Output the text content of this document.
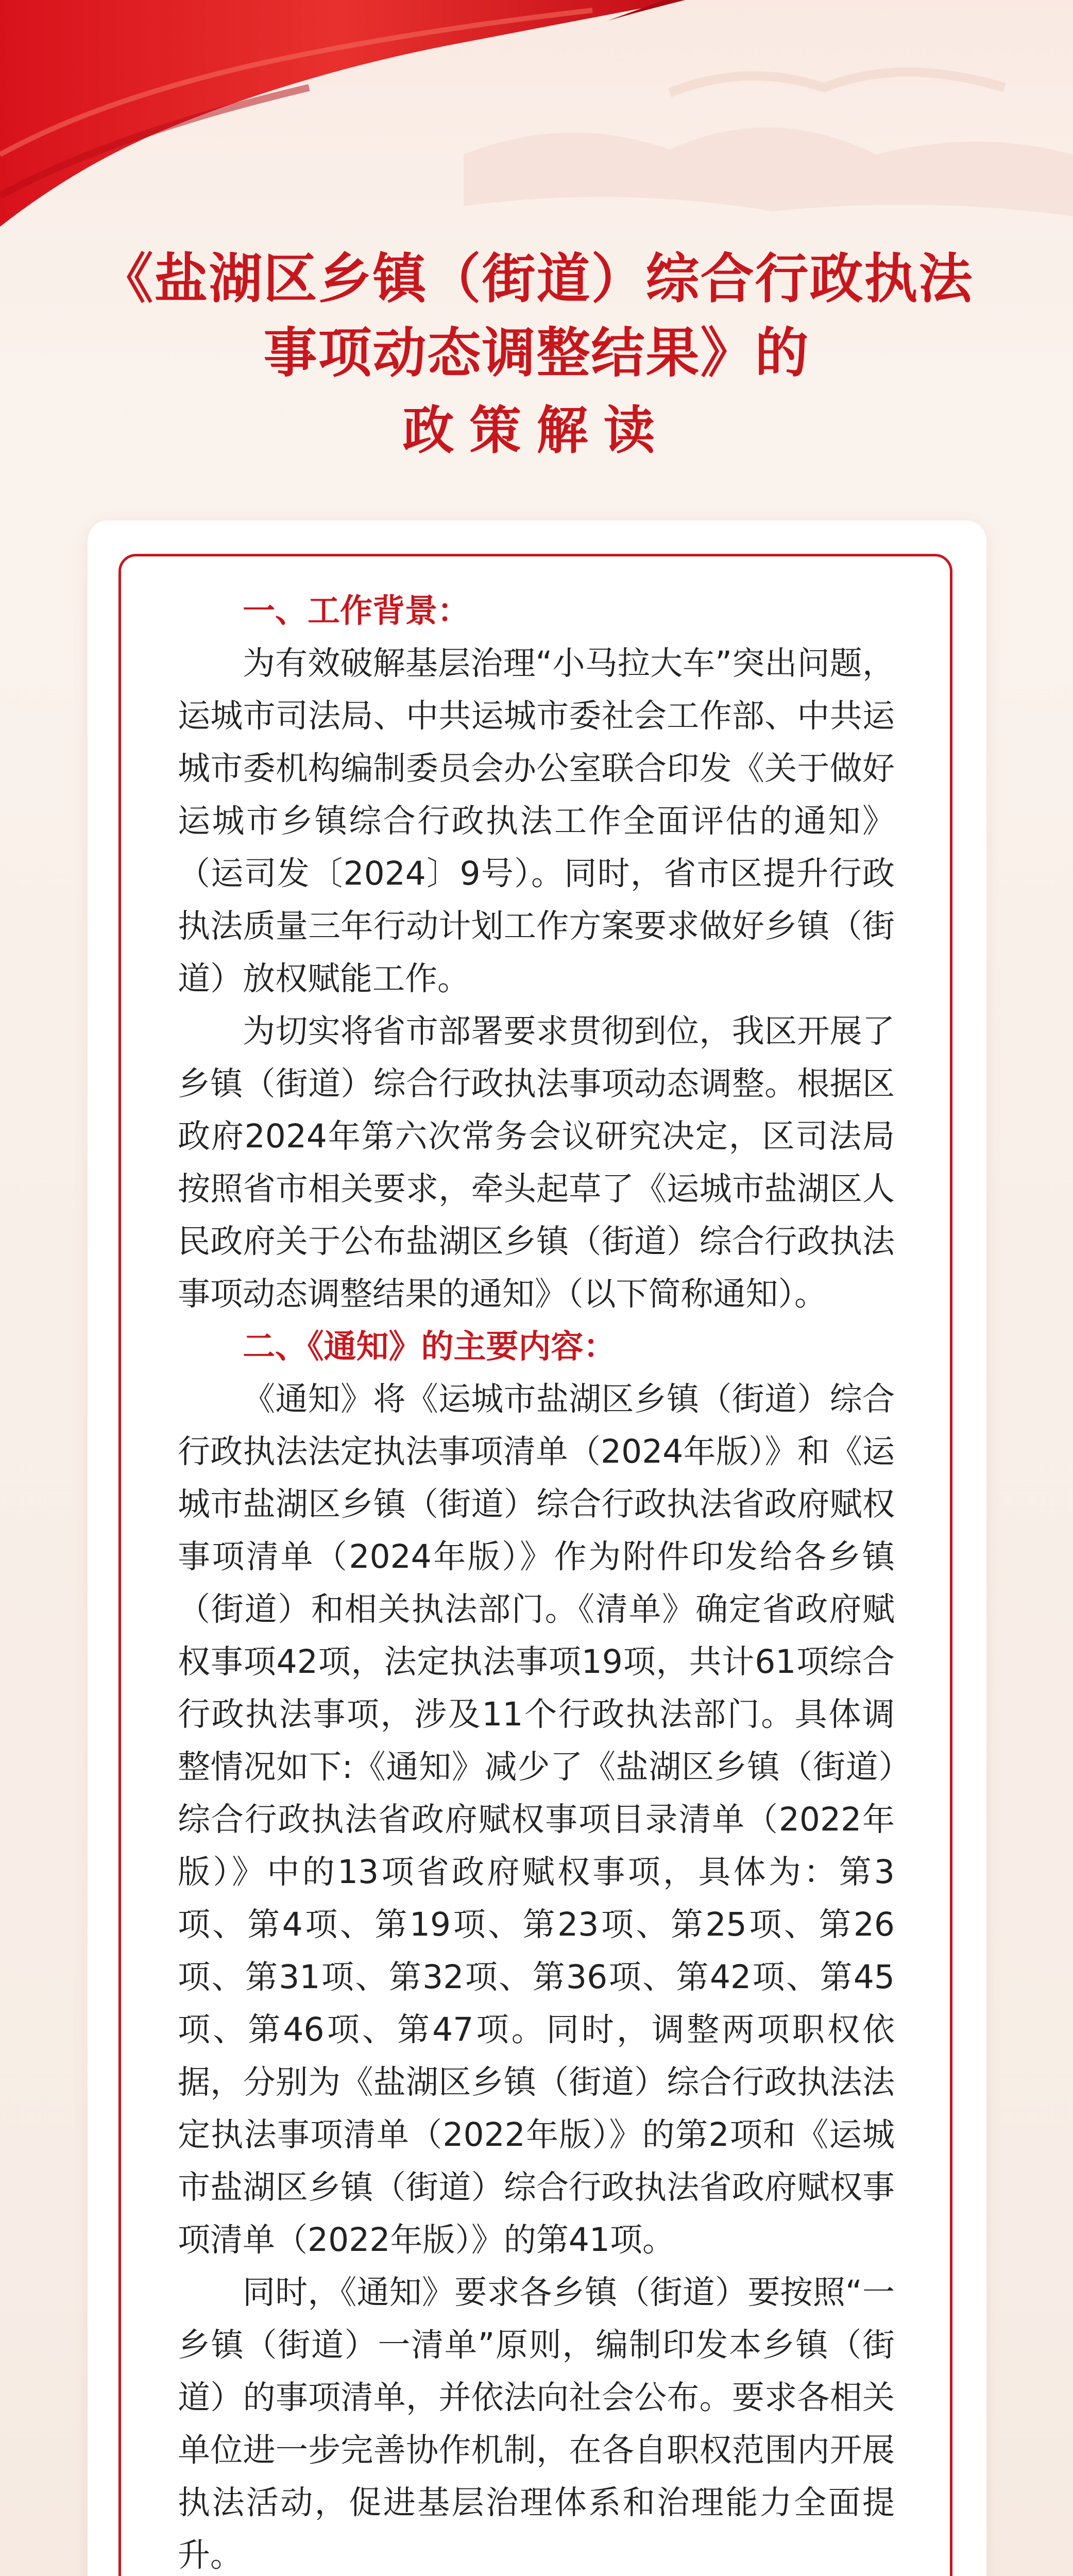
《盐湖区乡镇（街道）综合行政执法
事项动态调整结果》的
政策解读
一、工作背景：

为有效破解基层治理“小马拉大车”突出问题，运城市司法局、中共运城市委社会工作部、中共运城市委机构编制委员会办公室联合印发《关于做好运城市乡镇综合行政执法工作全面评估的通知》（运司发〔2024〕9号）。同时，省市区提升行政执法质量三年行动计划工作方案要求做好乡镇（街道）放权赋能工作。

为切实将省市部署要求贯彻到位，我区开展了乡镇（街道）综合行政执法事项动态调整。根据区政府2024年第六次常务会议研究决定，区司法局按照省市相关要求，牵头起草了《运城市盐湖区人民政府关于公布盐湖区乡镇（街道）综合行政执法事项动态调整结果的通知》（以下简称通知）。

二、《通知》的主要内容：

《通知》将《运城市盐湖区乡镇（街道）综合行政执法法定执法事项清单（2024年版）》和《运城市盐湖区乡镇（街道）综合行政执法省政府赋权事项清单（2024年版）》作为附件印发给各乡镇（街道）和相关执法部门。《清单》确定省政府赋权事项42项，法定执法事项19项，共计61项综合行政执法事项，涉及11个行政执法部门。具体调整情况如下:《通知》减少了《盐湖区乡镇（街道）综合行政执法省政府赋权事项目录清单（2022年版）》中的13项省政府赋权事项，具体为：第3项、第4项、第19项、第23项、第25项、第26项、第31项、第32项、第36项、第42项、第45项、第46项、第47项。同时，调整两项职权依据，分别为《盐湖区乡镇（街道）综合行政执法法定执法事项清单（2022年版）》的第2项和《运城市盐湖区乡镇（街道）综合行政执法省政府赋权事项清单（2022年版）》的第41项。

同时，《通知》要求各乡镇（街道）要按照“一乡镇（街道）一清单”原则，编制印发本乡镇（街道）的事项清单，并依法向社会公布。要求各相关单位进一步完善协作机制，在各自职权范围内开展执法活动，促进基层治理体系和治理能力全面提升。
